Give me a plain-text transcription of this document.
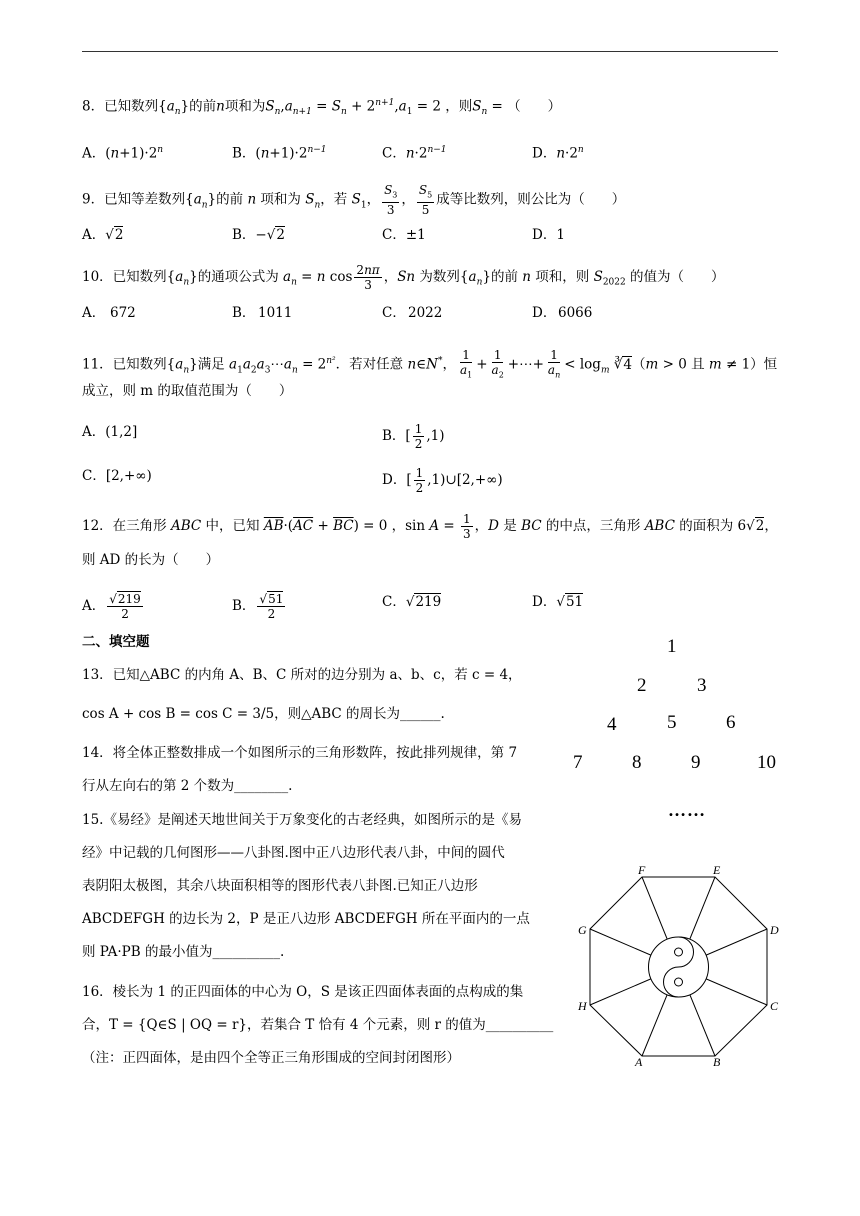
8．已知数列$\{a_n\}$的前n项和为$S_n,a_{n+1} = S_n + 2^{n+1},a_1 = 2$ ，则$S_n$ = （　　）
A．$(n+1)\cdot 2^n$	B．$(n+1)\cdot 2^{n-1}$	C．$n\cdot 2^{n-1}$	D．$n\cdot 2^n$
9．已知等差数列$\{a_n\}$的前 n 项和为 $S_n$，若 $S_1$， $\frac{S_3}{3}$ ， $\frac{S_5}{5}$ 成等比数列，则公比为（　　）
A．√2	B．−√2	C．±1	D．1
10．已知数列$\{a_n\}$的通项公式为 $a_n = n$ $\cos \frac{2n\pi}{3}$ ，Sn 为数列$\{a_n\}$的前 n 项和，则 $S_{2022}$ 的值为（　　）
A． 672	B． 1011	C． 2022	D． 6066
11．已知数列$\{a_n\}$满足 $a_1a_2a_3\cdots a_n = 2^{n^2}$．若对任意 n∈N*， $\frac{1}{a_1} + \frac{1}{a_2}$ +⋯+ $\frac{1}{a_n} < \log_m$ ∛4（m > 0 且 m ≠ 1）恒
成立，则 m 的取值范围为（　　）
A．(1,2]	B．[ $\frac{1}{2} ,1$)
C．[2,+∞)	D．[ $\frac{1}{2}$ ,1)∪[2,+∞)
12．在三角形 ABC 中，已知 $\overline{AB}\cdot(\overline{AC} + \overline{BC}) = 0$ ，$\sin A = \frac{1}{3}$ ，D 是 BC 的中点，三角形 ABC 的面积为 6√2，
则 AD 的长为（　　）
A． $\frac{√219}{2}$	B． $\frac{√51}{2}$	C．√219	D．√51
二、填空题
13．已知△ABC 的内角 A、B、C 所对的边分别为 a、b、c，若 c = 4，
cos A + cos B = cos C = 3/5，则△ABC 的周长为______.
14．将全体正整数排成一个如图所示的三角形数阵，按此排列规律，第 7
行从左向右的第 2 个数为________.
15.《易经》是阐述天地世间关于万象变化的古老经典，如图所示的是《易
经》中记载的几何图形——八卦图.图中正八边形代表八卦，中间的圆代
表阴阳太极图，其余八块面积相等的图形代表八卦图.已知正八边形
ABCDEFGH 的边长为 2，P 是正八边形 ABCDEFGH 所在平面内的一点
则 PA·PB 的最小值为__________.
16．棱长为 1 的正四面体的中心为 O，S 是该正四面体表面的点构成的集
合，T = {Q∈S | OQ = r}，若集合 T 恰有 4 个元素，则 r 的值为__________
（注：正四面体，是由四个全等正三角形围成的空间封闭图形）
1
2	3
4	5	6
7	8	9	10
……
A	B
C
D
E
F
G
H
